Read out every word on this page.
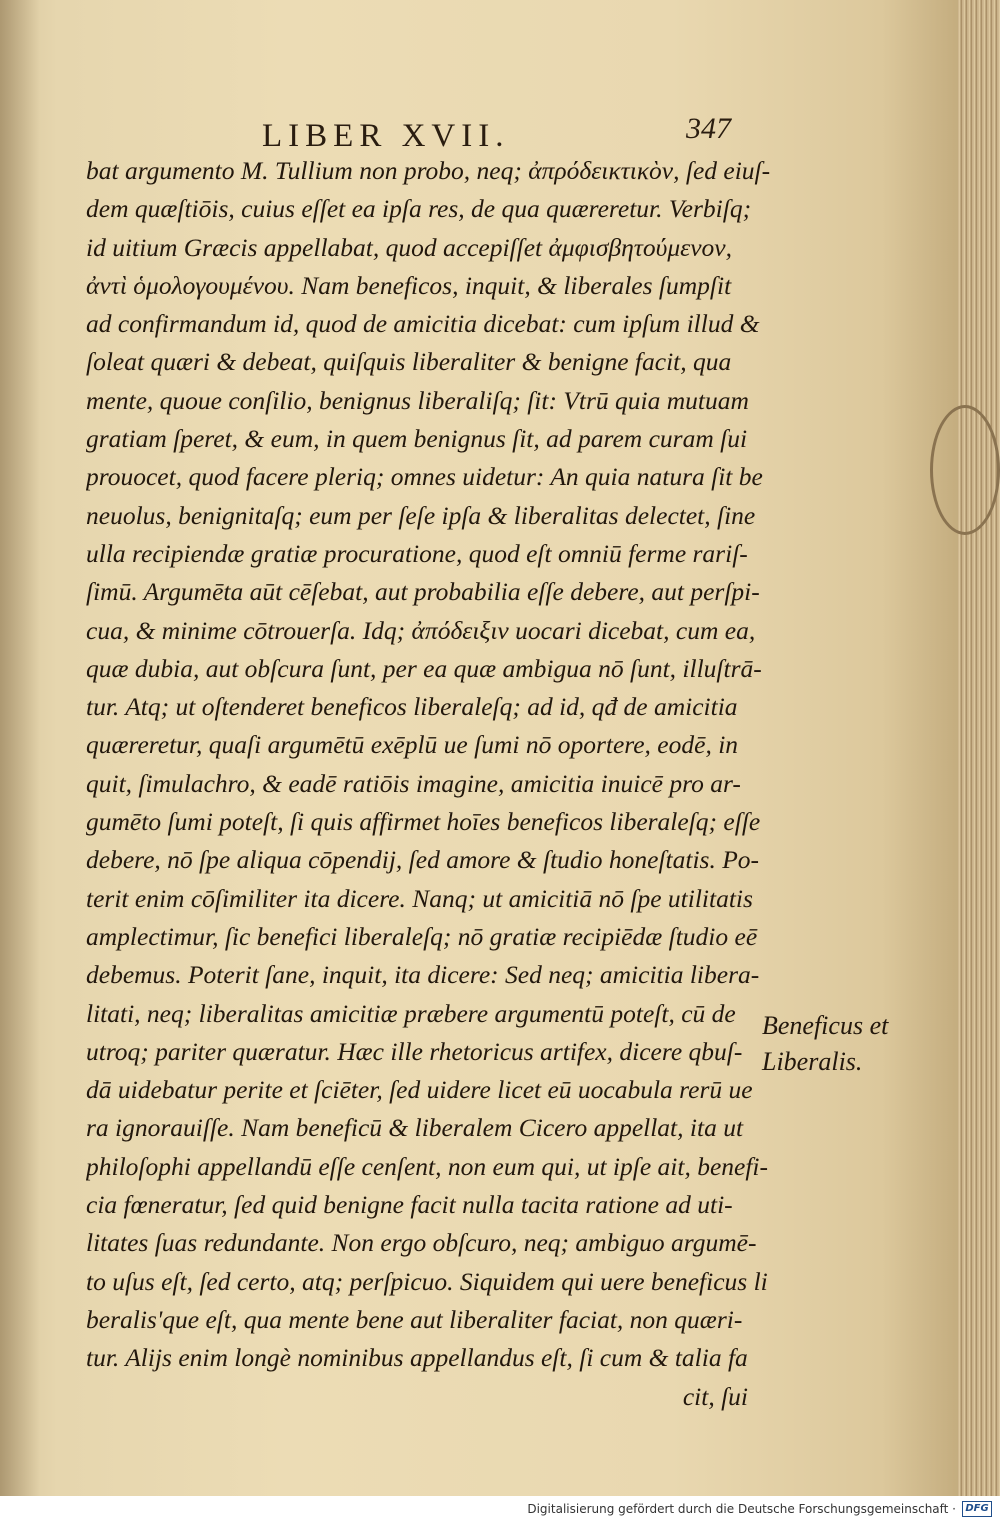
LIBER XVII.	347
bat argumento M. Tullium non probo, neq; ἀπρόδεικτικὸν, ſed eiuſ-
dem quæſtiōis, cuius eſſet ea ipſa res, de qua quæreretur. Verbiſq;
id uitium Græcis appellabat, quod accepiſſet ἀμφισβητούμενον,
ἀντὶ ὁμολογουμένου. Nam beneficos, inquit, & liberales ſumpſit
ad confirmandum id, quod de amicitia dicebat: cum ipſum illud &
ſoleat quæri & debeat, quiſquis liberaliter & benigne facit, qua
mente, quoue conſilio, benignus liberaliſq; ſit: Vtrū quia mutuam
gratiam ſperet, & eum, in quem benignus ſit, ad parem curam ſui
prouocet, quod facere pleriq; omnes uidetur: An quia natura ſit be
neuolus, benignitaſq; eum per ſeſe ipſa & liberalitas delectet, ſine
ulla recipiendæ gratiæ procuratione, quod eſt omniū ferme rariſ-
ſimū. Argumēta aūt cēſebat, aut probabilia eſſe debere, aut perſpi-
cua, & minime cōtrouerſa. Idq; ἀπόδειξιν uocari dicebat, cum ea,
quæ dubia, aut obſcura ſunt, per ea quæ ambigua nō ſunt, illuſtrā-
tur. Atq; ut oſtenderet beneficos liberaleſq; ad id, qđ de amicitia
quæreretur, quaſi argumētū exēplū ue ſumi nō oportere, eodē, in
quit, ſimulachro, & eadē ratiōis imagine, amicitia inuicē pro ar-
gumēto ſumi poteſt, ſi quis affirmet hoīes beneficos liberaleſq; eſſe
debere, nō ſpe aliqua cōpendij, ſed amore & ſtudio honeſtatis. Po-
terit enim cōſimiliter ita dicere. Nanq; ut amicitiā nō ſpe utilitatis
amplectimur, ſic benefici liberaleſq; nō gratiæ recipiēdæ ſtudio eē
debemus. Poterit ſane, inquit, ita dicere: Sed neq; amicitia libera-
litati, neq; liberalitas amicitiæ præbere argumentū poteſt, cū de
utroq; pariter quæratur. Hæc ille rhetoricus artifex, dicere qbuſ-
dā uidebatur perite et ſciēter, ſed uidere licet eū uocabula rerū ue
ra ignorauiſſe. Nam beneficū & liberalem Cicero appellat, ita ut
philoſophi appellandū eſſe cenſent, non eum qui, ut ipſe ait, benefi-
cia fœneratur, ſed quid benigne facit nulla tacita ratione ad uti-
litates ſuas redundante. Non ergo obſcuro, neq; ambiguo argumē-
to uſus eſt, ſed certo, atq; perſpicuo. Siquidem qui uere beneficus li
beralis'que eſt, qua mente bene aut liberaliter faciat, non quæri-
tur. Alijs enim longè nominibus appellandus eſt, ſi cum & talia fa
cit, ſui
Beneficus et
Liberalis.
Digitalisierung gefördert durch die Deutsche Forschungsgemeinschaft · DFG
